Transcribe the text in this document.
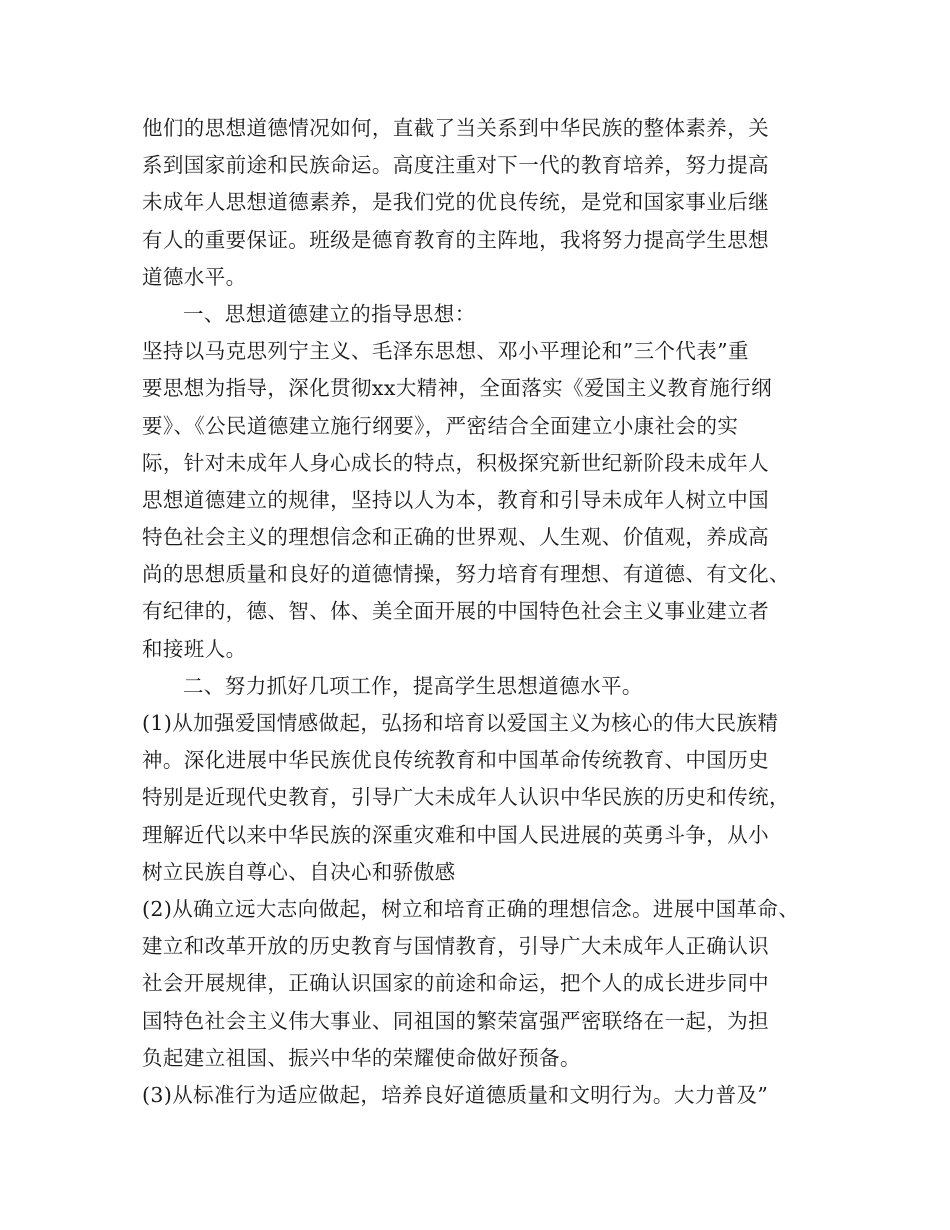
他们的思想道德情况如何，直截了当关系到中华民族的整体素养，关
系到国家前途和民族命运。高度注重对下一代的教育培养，努力提高
未成年人思想道德素养，是我们党的优良传统，是党和国家事业后继
有人的重要保证。班级是德育教育的主阵地，我将努力提高学生思想
道德水平。
一、思想道德建立的指导思想：
坚持以马克思列宁主义、毛泽东思想、邓小平理论和”三个代表”重
要思想为指导，深化贯彻xx大精神，全面落实《爱国主义教育施行纲
要》、《公民道德建立施行纲要》，严密结合全面建立小康社会的实
际，针对未成年人身心成长的特点，积极探究新世纪新阶段未成年人
思想道德建立的规律，坚持以人为本，教育和引导未成年人树立中国
特色社会主义的理想信念和正确的世界观、人生观、价值观，养成高
尚的思想质量和良好的道德情操，努力培育有理想、有道德、有文化、
有纪律的，德、智、体、美全面开展的中国特色社会主义事业建立者
和接班人。
二、努力抓好几项工作，提高学生思想道德水平。
(1)从加强爱国情感做起，弘扬和培育以爱国主义为核心的伟大民族精
神。深化进展中华民族优良传统教育和中国革命传统教育、中国历史
特别是近现代史教育，引导广大未成年人认识中华民族的历史和传统，
理解近代以来中华民族的深重灾难和中国人民进展的英勇斗争，从小
树立民族自尊心、自决心和骄傲感
(2)从确立远大志向做起，树立和培育正确的理想信念。进展中国革命、
建立和改革开放的历史教育与国情教育，引导广大未成年人正确认识
社会开展规律，正确认识国家的前途和命运，把个人的成长进步同中
国特色社会主义伟大事业、同祖国的繁荣富强严密联络在一起，为担
负起建立祖国、振兴中华的荣耀使命做好预备。
(3)从标准行为适应做起，培养良好道德质量和文明行为。大力普及”
